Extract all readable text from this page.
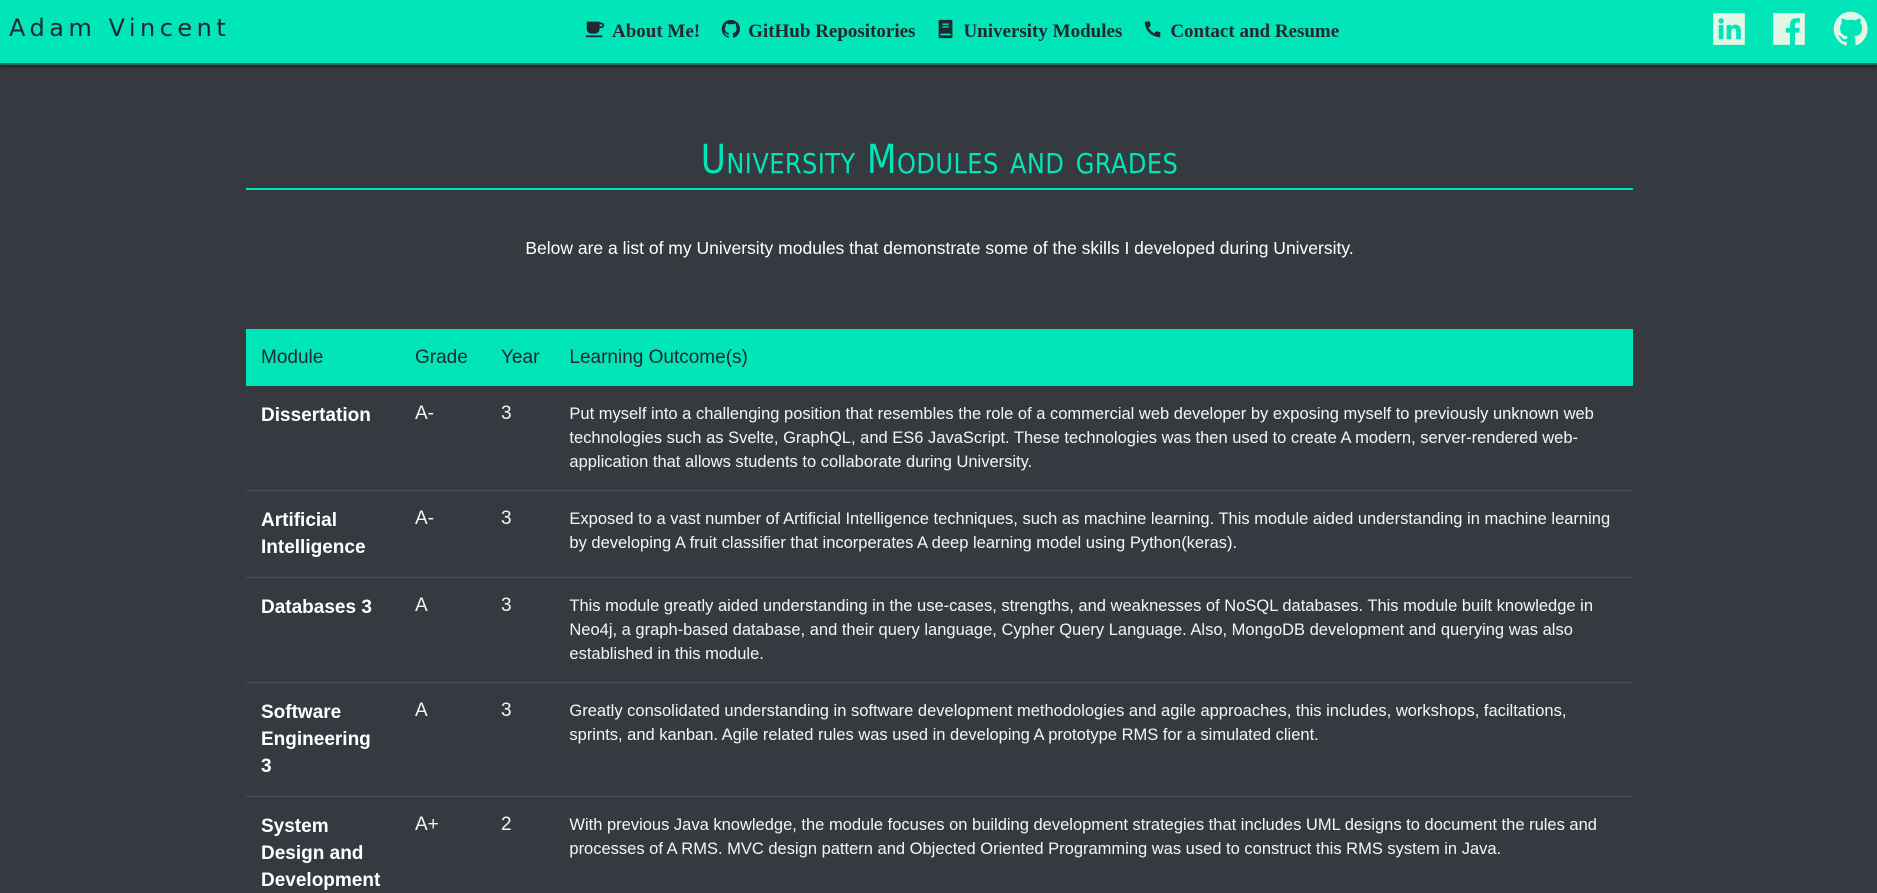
Adam Vincent	About Me!	GitHub Repositories	University Modules	Contact and Resume
University Modules and grades

Below are a list of my University modules that demonstrate some of the skills I developed during University.

Module	Grade	Year	Learning Outcome(s)
Dissertation	A-	3	Put myself into a challenging position that resembles the role of a commercial web developer by exposing myself to previously unknown web technologies such as Svelte, GraphQL, and ES6 JavaScript. These technologies was then used to create A modern, server-rendered web-application that allows students to collaborate during University.
Artificial Intelligence	A-	3	Exposed to a vast number of Artificial Intelligence techniques, such as machine learning. This module aided understanding in machine learning by developing A fruit classifier that incorperates A deep learning model using Python(keras).
Databases 3	A	3	This module greatly aided understanding in the use-cases, strengths, and weaknesses of NoSQL databases. This module built knowledge in Neo4j, a graph-based database, and their query language, Cypher Query Language. Also, MongoDB development and querying was also established in this module.
Software Engineering 3	A	3	Greatly consolidated understanding in software development methodologies and agile approaches, this includes, workshops, faciltations, sprints, and kanban. Agile related rules was used in developing A prototype RMS for a simulated client.
System Design and Development	A+	2	With previous Java knowledge, the module focuses on building development strategies that includes UML designs to document the rules and processes of A RMS. MVC design pattern and Objected Oriented Programming was used to construct this RMS system in Java.
